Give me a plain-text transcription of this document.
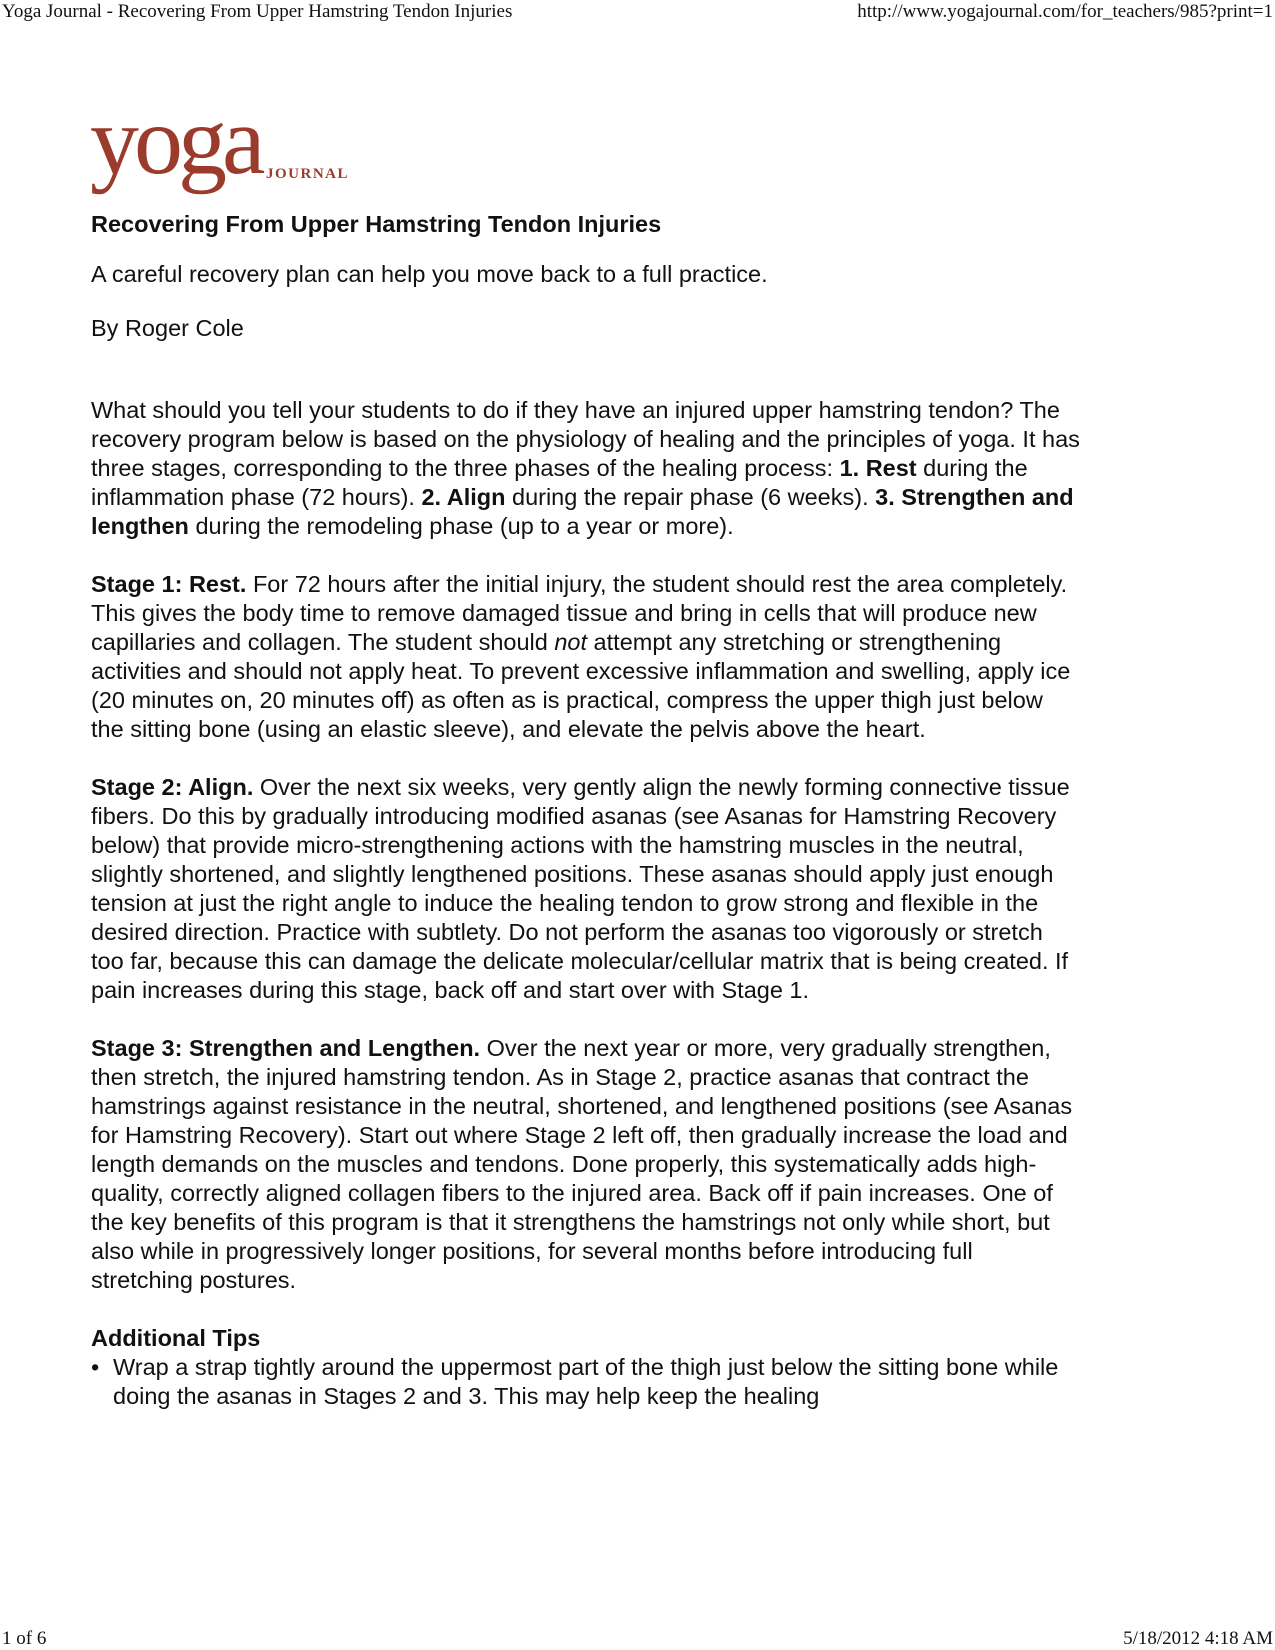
Yoga Journal - Recovering From Upper Hamstring Tendon Injuries	http://www.yogajournal.com/for_teachers/985?print=1
yoga JOURNAL
Recovering From Upper Hamstring Tendon Injuries
A careful recovery plan can help you move back to a full practice.
By Roger Cole

What should you tell your students to do if they have an injured upper hamstring tendon? The recovery program below is based on the physiology of healing and the principles of yoga. It has three stages, corresponding to the three phases of the healing process: 1. Rest during the inflammation phase (72 hours). 2. Align during the repair phase (6 weeks). 3. Strengthen and lengthen during the remodeling phase (up to a year or more).

Stage 1: Rest. For 72 hours after the initial injury, the student should rest the area completely. This gives the body time to remove damaged tissue and bring in cells that will produce new capillaries and collagen. The student should not attempt any stretching or strengthening activities and should not apply heat. To prevent excessive inflammation and swelling, apply ice (20 minutes on, 20 minutes off) as often as is practical, compress the upper thigh just below the sitting bone (using an elastic sleeve), and elevate the pelvis above the heart.

Stage 2: Align. Over the next six weeks, very gently align the newly forming connective tissue fibers. Do this by gradually introducing modified asanas (see Asanas for Hamstring Recovery below) that provide micro-strengthening actions with the hamstring muscles in the neutral, slightly shortened, and slightly lengthened positions. These asanas should apply just enough tension at just the right angle to induce the healing tendon to grow strong and flexible in the desired direction. Practice with subtlety. Do not perform the asanas too vigorously or stretch too far, because this can damage the delicate molecular/cellular matrix that is being created. If pain increases during this stage, back off and start over with Stage 1.

Stage 3: Strengthen and Lengthen. Over the next year or more, very gradually strengthen, then stretch, the injured hamstring tendon. As in Stage 2, practice asanas that contract the hamstrings against resistance in the neutral, shortened, and lengthened positions (see Asanas for Hamstring Recovery). Start out where Stage 2 left off, then gradually increase the load and length demands on the muscles and tendons. Done properly, this systematically adds high-quality, correctly aligned collagen fibers to the injured area. Back off if pain increases. One of the key benefits of this program is that it strengthens the hamstrings not only while short, but also while in progressively longer positions, for several months before introducing full stretching postures.

Additional Tips
• Wrap a strap tightly around the uppermost part of the thigh just below the sitting bone while doing the asanas in Stages 2 and 3. This may help keep the healing
1 of 6	5/18/2012 4:18 AM
